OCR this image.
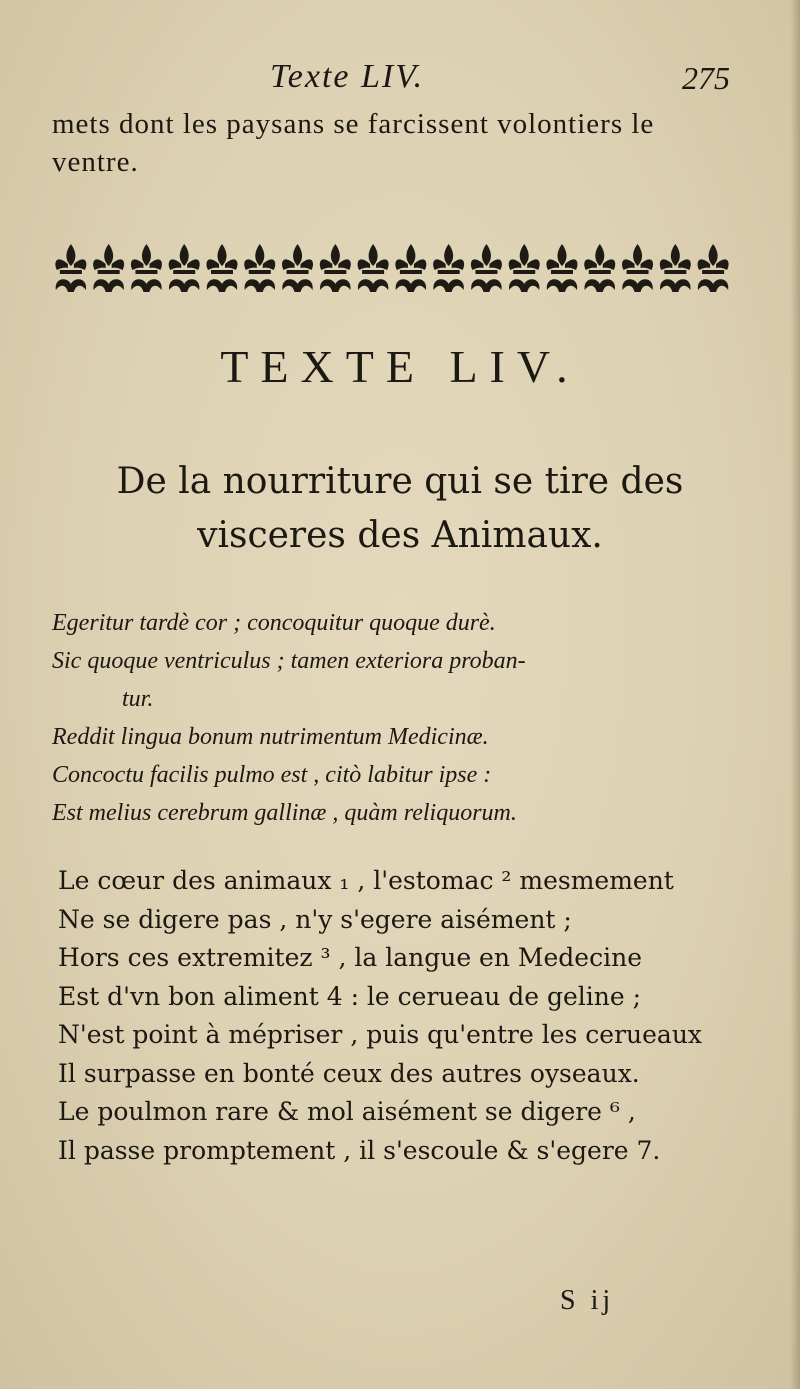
Texte LIV.	275
mets dont les paysans se farcissent volontiers le ventre.
TEXTE LIV.
De la nourriture qui se tire des visceres des Animaux.
Egeritur tardè cor ; concoquitur quoque durè.
Sic quoque ventriculus ; tamen exteriora proban-
tur.
Reddit lingua bonum nutrimentum Medicinæ.
Concoctu facilis pulmo est , citò labitur ipse :
Est melius cerebrum gallinæ , quàm reliquorum.
Le cœur des animaux ₁ , l'estomac ² mesmement
Ne se digere pas , n'y s'egere aisément ;
Hors ces extremitez ³ , la langue en Medecine
Est d'vn bon aliment 4 : le cerueau de geline ;
N'est point à mépriser , puis qu'entre les cerueaux
Il surpasse en bonté ceux des autres oyseaux.
Le poulmon rare & mol aisément se digere ⁶ ,
Il passe promptement , il s'escoule & s'egere 7.
S ij
